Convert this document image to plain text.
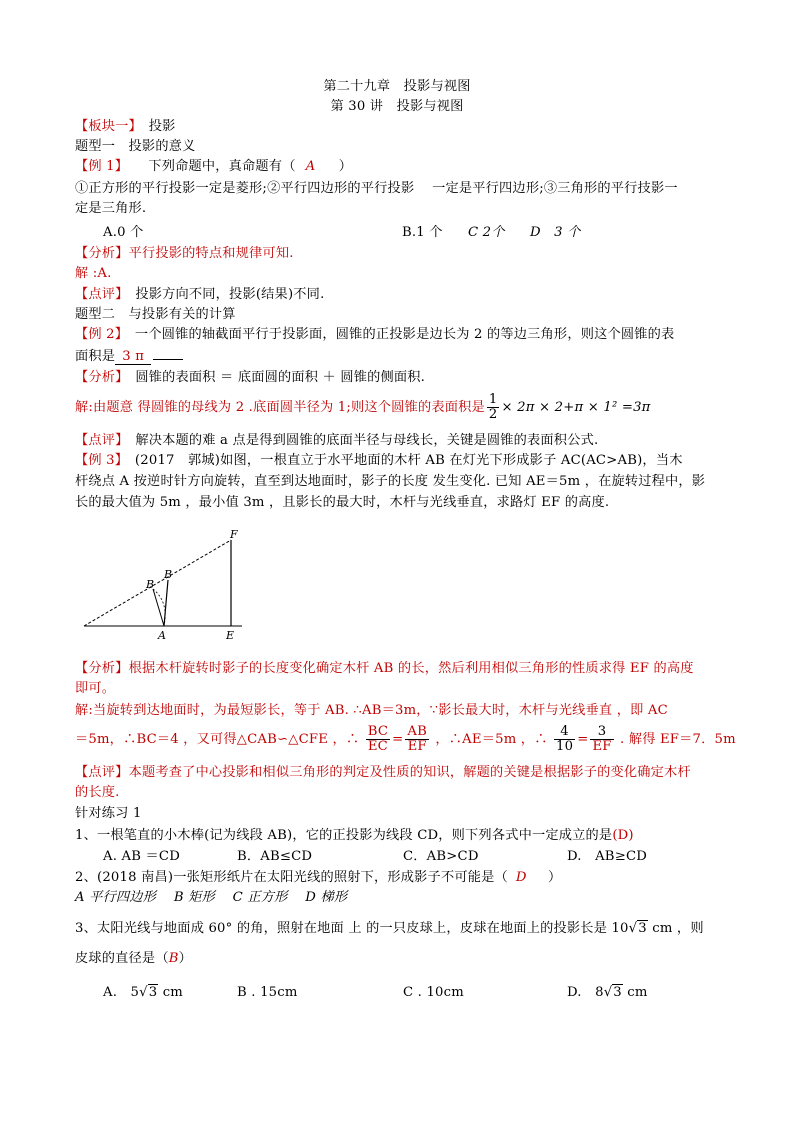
第二十九章　投影与视图
第 30 讲　投影与视图
【板块一】　投影
题型一　投影的意义
【例 1】　　下列命题中，真命题有（ A　）
①正方形的平行投影一定是菱形;②平行四边形的平行投影　 一定是平行四边形;③三角形的平行技影一
定是三角形.
A.0 个	B.1 个 C 2个 D　3 个
【分析】平行投影的特点和规律可知.
解 :A.
【点评】　投影方向不同，投影(结果)不同.
题型二　与投影有关的计算
【例 2】　一个圆锥的轴截面平行于投影面，圆锥的正投影是边长为 2 的等边三角形，则这个圆锥的表
面积是 3 π
【分析】　圆锥的表面积 ＝ 底面圆的面积 ＋ 圆锥的侧面积.
解:由题意 得圆锥的母线为 2 .底面圆半径为 1;则这个圆锥的表面积是 $\frac{1}{2} \times 2\pi \times 2+\pi \times 1^2 =3\pi$
【点评】　解决本题的难 a 点是得到圆锥的底面半径与母线长，关键是圆锥的表面积公式.
【例 3】　(2017　郭城)如图，一根直立于水平地面的木杆 AB 在灯光下形成影子 AC(AC>AB)，当木
杆绕点 A 按逆时针方向旋转，直至到达地面时，影子的长度 发生变化. 已知 AE＝5m ，在旋转过程中，影
长的最大值为 5m ，最小值 3m ，且影长的最大时，木杆与光线垂直，求路灯 EF 的高度.
F
B
B
A	E
【分析】根据木杆旋转时影子的长度变化确定木杆 AB 的长，然后利用相似三角形的性质求得 EF 的高度
即可。
解:当旋转到达地面时，为最短影长，等于 AB. ∴AB＝3m，∵影长最大时，木杆与光线垂直 ，即 AC
＝5m，∴BC＝4 ，又可得△CAB∽△CFE ，∴ $\frac{BC}{EC} = \frac{AB}{EF}$ ，∴AE＝5m ，∴ $\frac{4}{10} = \frac{3}{EF}$ . 解得 EF＝7．5m
【点评】本题考查了中心投影和相似三角形的判定及性质的知识，解题的关键是根据影子的变化确定木杆
的长度.
针对练习 1
1、一根笔直的小木棒(记为线段 AB)，它的正投影为线段 CD，则下列各式中一定成立的是(D)
A. AB ＝CD	B．AB≤CD	C．AB>CD	D.　AB≥CD
2、(2018 南昌)一张矩形纸片在太阳光线的照射下，形成影子不可能是（ D　）
A 平行四边形　 B 矩形　 C 正方形　 D 梯形
3、太阳光线与地面成 60° 的角，照射在地面 上 的一只皮球上，皮球在地面上的投影长是 10√3 cm ，则
皮球的直径是（B）
A.　5√3 cm	B . 15cm	C . 10cm	D.　8√3 cm
